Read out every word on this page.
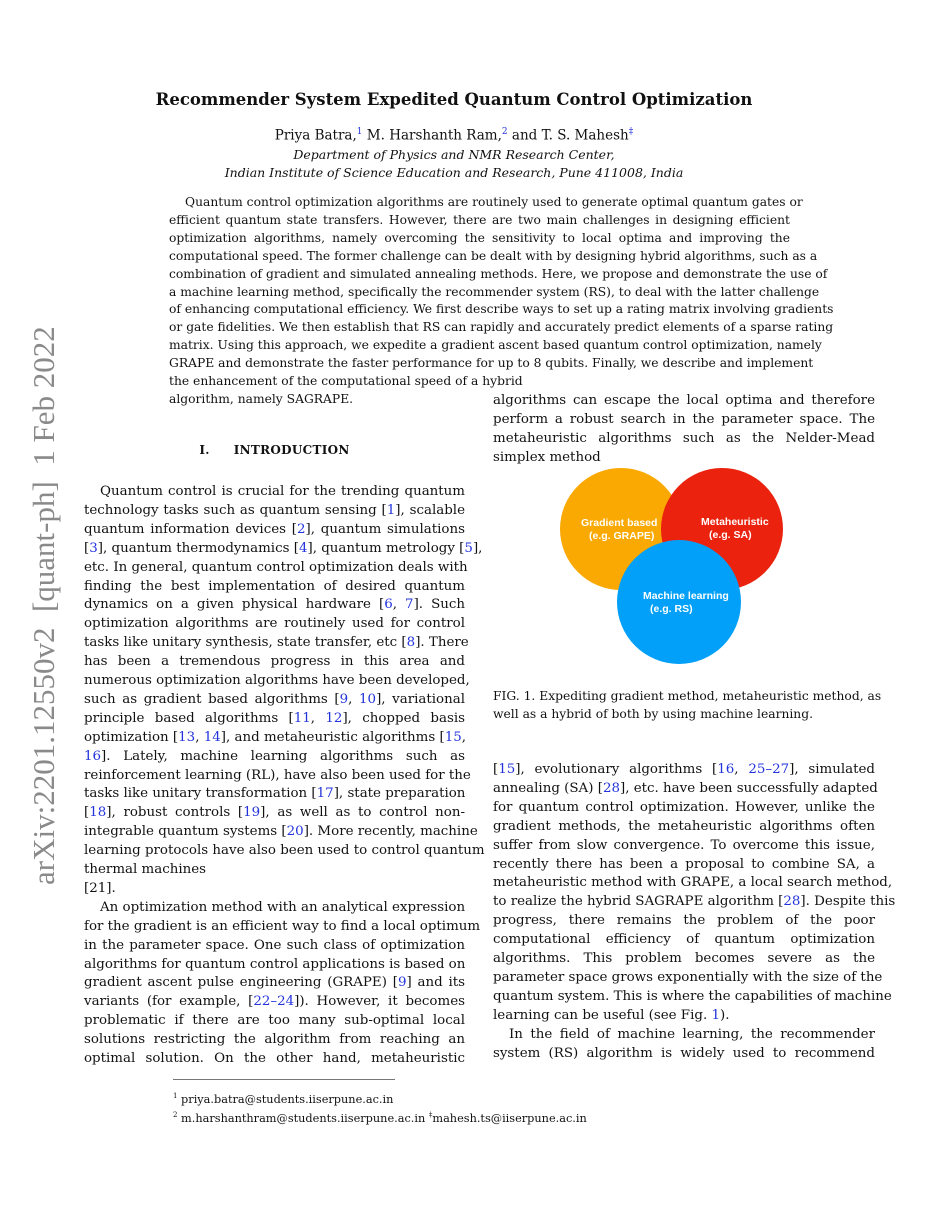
arXiv:2201.12550v2  [quant-ph]  1 Feb 2022
Recommender System Expedited Quantum Control Optimization
Priya Batra,$^1$ M. Harshanth Ram,$^2$ and T. S. Mahesh‡
Department of Physics and NMR Research Center,
Indian Institute of Science Education and Research, Pune 411008, India
Quantum control optimization algorithms are routinely used to generate optimal quantum gates or
efficient quantum state transfers. However, there are two main challenges in designing efficient
optimization algorithms, namely overcoming the sensitivity to local optima and improving the
computational speed. The former challenge can be dealt with by designing hybrid algorithms, such as a
combination of gradient and simulated annealing methods. Here, we propose and demonstrate the use of
a machine learning method, specifically the recommender system (RS), to deal with the latter challenge
of enhancing computational efficiency. We first describe ways to set up a rating matrix involving gradients
or gate fidelities. We then establish that RS can rapidly and accurately predict elements of a sparse rating
matrix. Using this approach, we expedite a gradient ascent based quantum control optimization, namely
GRAPE and demonstrate the faster performance for up to 8 qubits. Finally, we describe and implement
the enhancement of the computational speed of a hybrid
algorithm, namely SAGRAPE.
I. INTRODUCTION
Quantum control is crucial for the trending quantum
technology tasks such as quantum sensing [1], scalable
quantum information devices [2], quantum simulations
[3], quantum thermodynamics [4], quantum metrology [5],
etc. In general, quantum control optimization deals with
finding the best implementation of desired quantum
dynamics on a given physical hardware [6, 7]. Such
optimization algorithms are routinely used for control
tasks like unitary synthesis, state transfer, etc [8]. There
has been a tremendous progress in this area and
numerous optimization algorithms have been developed,
such as gradient based algorithms [9, 10], variational
principle based algorithms [11, 12], chopped basis
optimization [13, 14], and metaheuristic algorithms [15,
16]. Lately, machine learning algorithms such as
reinforcement learning (RL), have also been used for the
tasks like unitary transformation [17], state preparation
[18], robust controls [19], as well as to control non-
integrable quantum systems [20]. More recently, machine
learning protocols have also been used to control quantum
thermal machines
[21].
An optimization method with an analytical expression
for the gradient is an efficient way to find a local optimum
in the parameter space. One such class of optimization
algorithms for quantum control applications is based on
gradient ascent pulse engineering (GRAPE) [9] and its
variants (for example, [22–24]). However, it becomes
problematic if there are too many sub-optimal local
solutions restricting the algorithm from reaching an
optimal solution. On the other hand, metaheuristic
algorithms can escape the local optima and therefore
perform a robust search in the parameter space. The
metaheuristic algorithms such as the Nelder-Mead
simplex method
Gradient based
(e.g. GRAPE)
Metaheuristic
(e.g. SA)
Machine learning
(e.g. RS)
FIG. 1. Expediting gradient method, metaheuristic method, as
well as a hybrid of both by using machine learning.
[15], evolutionary algorithms [16, 25–27], simulated
annealing (SA) [28], etc. have been successfully adapted
for quantum control optimization. However, unlike the
gradient methods, the metaheuristic algorithms often
suffer from slow convergence. To overcome this issue,
recently there has been a proposal to combine SA, a
metaheuristic method with GRAPE, a local search method,
to realize the hybrid SAGRAPE algorithm [28]. Despite this
progress, there remains the problem of the poor
computational efficiency of quantum optimization
algorithms. This problem becomes severe as the
parameter space grows exponentially with the size of the
quantum system. This is where the capabilities of machine
learning can be useful (see Fig. 1).
In the field of machine learning, the recommender
system (RS) algorithm is widely used to recommend
$^1$ priya.batra@students.iiserpune.ac.in
$^2$ m.harshanthram@students.iiserpune.ac.in ‡mahesh.ts@iiserpune.ac.in
